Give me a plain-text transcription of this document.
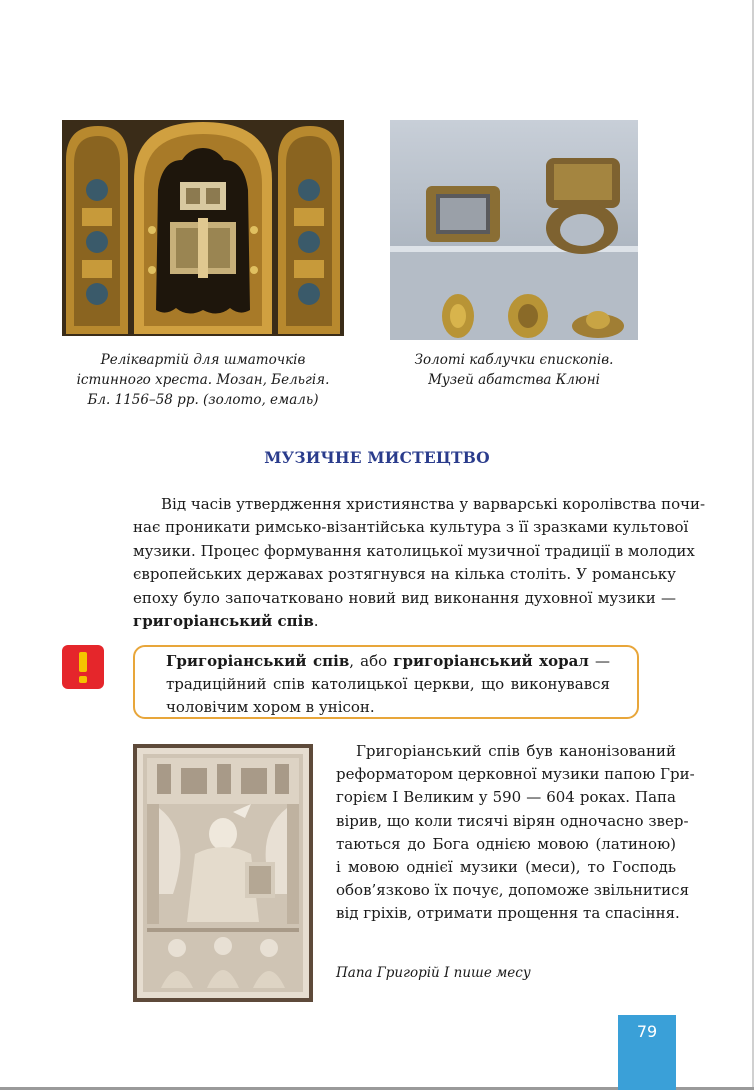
Реліквартій для шматочків
істинного хреста. Мозан, Бельгія.
Бл. 1156–58 рр. (золото, емаль)
Золоті каблучки єпископів.
Музей абатства Клюні
МУЗИЧНЕ МИСТЕЦТВО
Від часів утвердження християнства у варварські королівства почи-
нає проникати римсько-візантійська культура з її зразками культової
музики. Процес формування католицької музичної традиції в молодих
європейських державах розтягнувся на кілька століть. У романську
епоху було започатковано новий вид виконання духовної музики —
григоріанський спів.
Григоріанський спів, або григоріанський хорал —
традиційний спів католицької церкви, що виконувався
чоловічим хором в унісон.
Григоріанський спів був канонізований
реформатором церковної музики папою Гри-
горієм І Великим у 590 — 604 роках. Папа
вірив, що коли тисячі вірян одночасно звер-
таються до Бога однією мовою (латиною)
і мовою однієї музики (меси), то Господь
обов’язково їх почує, допоможе звільнитися
від гріхів, отримати прощення та спасіння.
Папа Григорій І пише месу
79
